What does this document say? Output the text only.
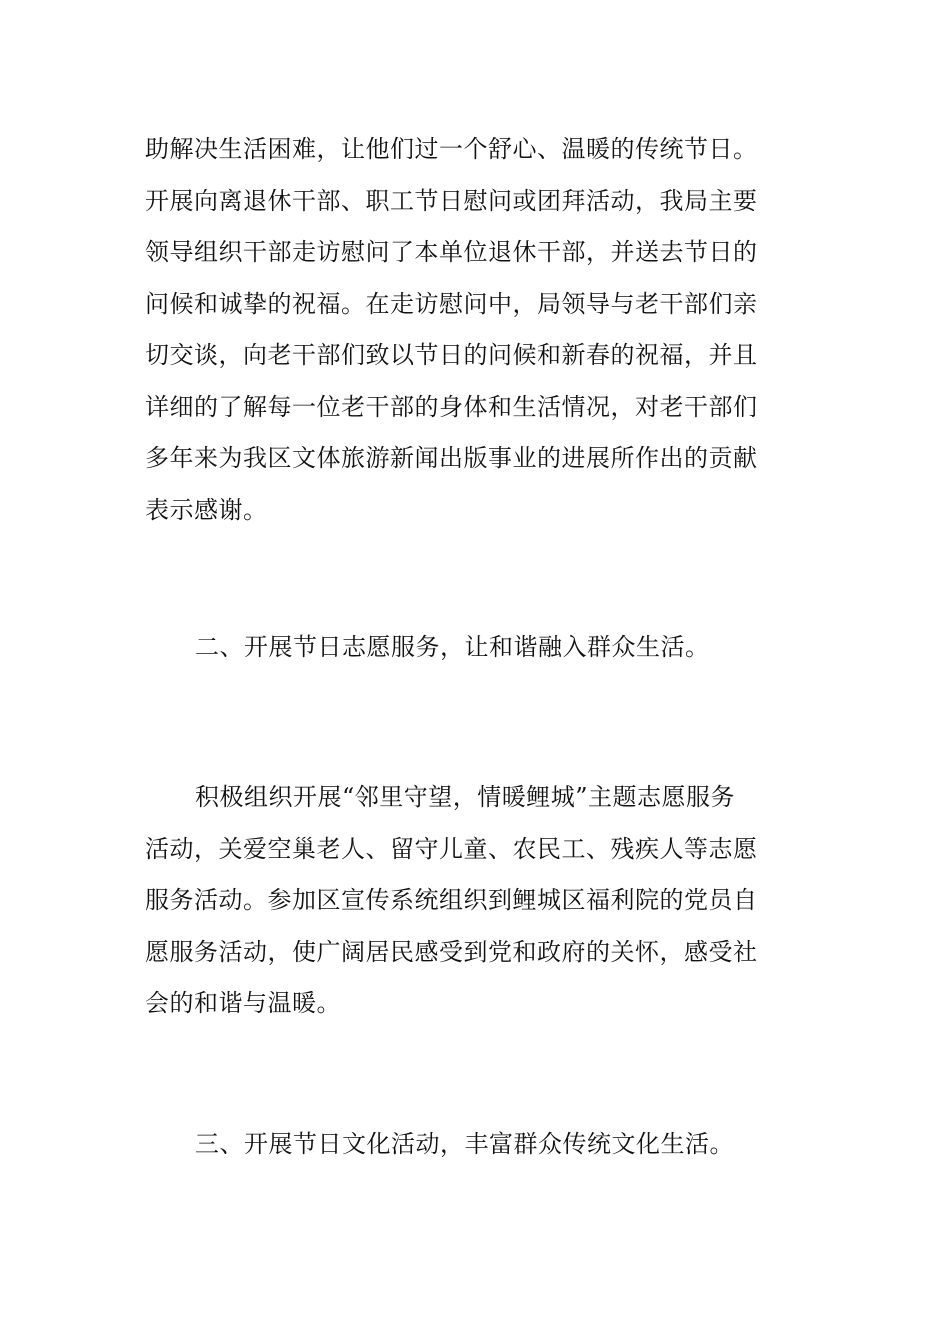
助解决生活困难，让他们过一个舒心、温暖的传统节日。
开展向离退休干部、职工节日慰问或团拜活动，我局主要
领导组织干部走访慰问了本单位退休干部，并送去节日的
问候和诚挚的祝福。在走访慰问中，局领导与老干部们亲
切交谈，向老干部们致以节日的问候和新春的祝福，并且
详细的了解每一位老干部的身体和生活情况，对老干部们
多年来为我区文体旅游新闻出版事业的进展所作出的贡献
表示感谢。
二、开展节日志愿服务，让和谐融入群众生活。
积极组织开展“邻里守望，情暖鲤城”主题志愿服务
活动，关爱空巢老人、留守儿童、农民工、残疾人等志愿
服务活动。参加区宣传系统组织到鲤城区福利院的党员自
愿服务活动，使广阔居民感受到党和政府的关怀，感受社
会的和谐与温暖。
三、开展节日文化活动，丰富群众传统文化生活。
